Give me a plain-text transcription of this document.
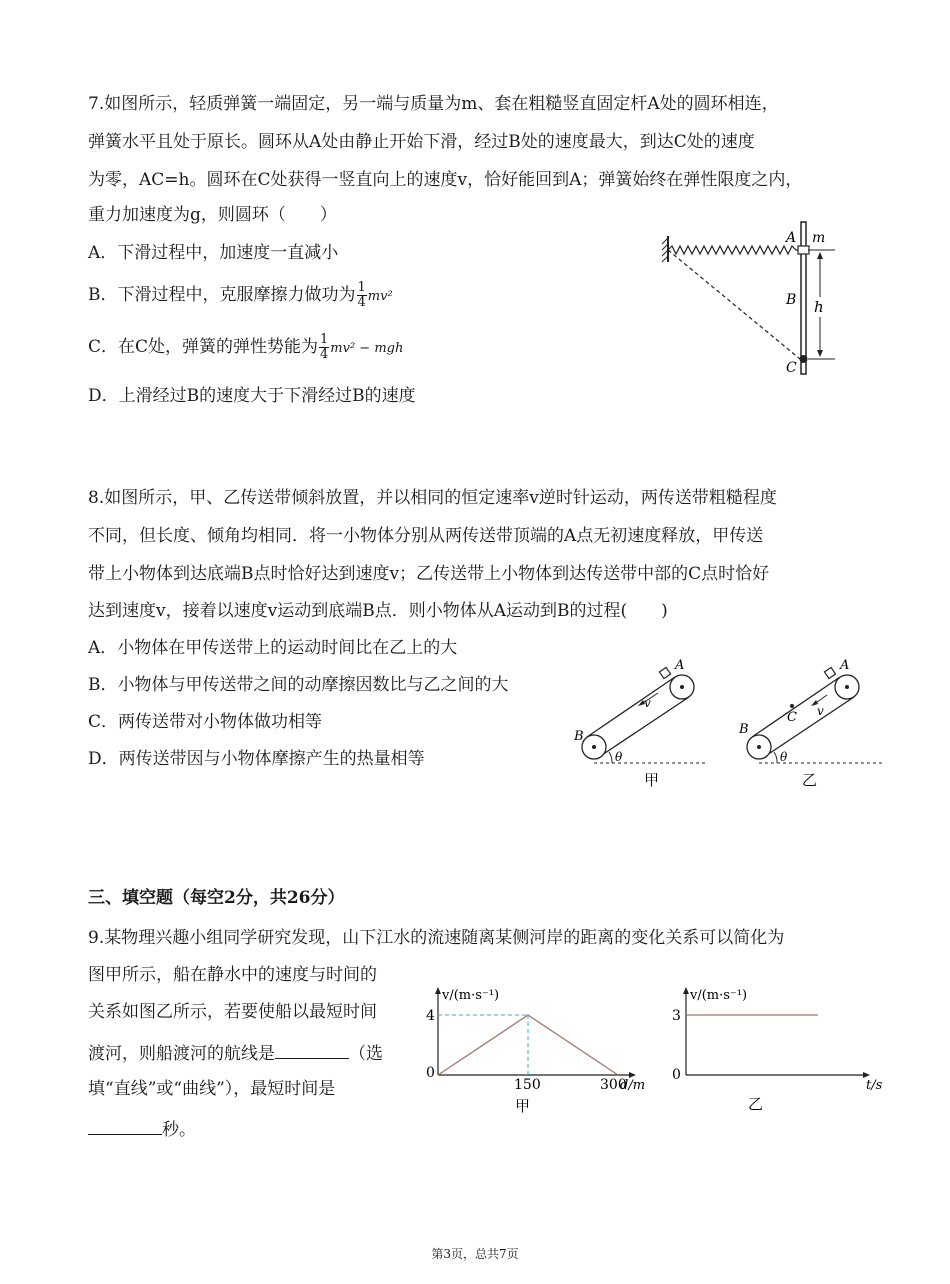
7.如图所示，轻质弹簧一端固定，另一端与质量为m、套在粗糙竖直固定杆A处的圆环相连，
弹簧水平且处于原长。圆环从A处由静止开始下滑，经过B处的速度最大，到达C处的速度
为零，AC=h。圆环在C处获得一竖直向上的速度v，恰好能回到A；弹簧始终在弹性限度之内，
重力加速度为g，则圆环（　　）
A．下滑过程中，加速度一直减小
B．下滑过程中，克服摩擦力做功为 $\frac{1}{4} mv^2$
C．在C处，弹簧的弹性势能为 $\frac{1}{4} mv^2$ − mgh
D．上滑经过B的速度大于下滑经过B的速度
A m
B h
C
8.如图所示，甲、乙传送带倾斜放置，并以相同的恒定速率v逆时针运动，两传送带粗糙程度
不同，但长度、倾角均相同．将一小物体分别从两传送带顶端的A点无初速度释放，甲传送
带上小物体到达底端B点时恰好达到速度v；乙传送带上小物体到达传送带中部的C点时恰好
达到速度v，接着以速度v运动到底端B点．则小物体从A运动到B的过程(　　)
A．小物体在甲传送带上的运动时间比在乙上的大
B．小物体与甲传送带之间的动摩擦因数比与乙之间的大
C．两传送带对小物体做功相等
D．两传送带因与小物体摩擦产生的热量相等
A
B
v
θ
甲
A
B
C v
θ
乙
三、填空题（每空2分，共26分）
9.某物理兴趣小组同学研究发现，山下江水的流速随离某侧河岸的距离的变化关系可以简化为
图甲所示，船在静水中的速度与时间的
关系如图乙所示，若要使船以最短时间
渡河，则船渡河的航线是	（选
填“直线”或“曲线”），最短时间是
秒。
v/(m·s⁻¹)
4
0
150	300
d/m
甲
v/(m·s⁻¹)
3
0
t/s
乙
第3页，总共7页
